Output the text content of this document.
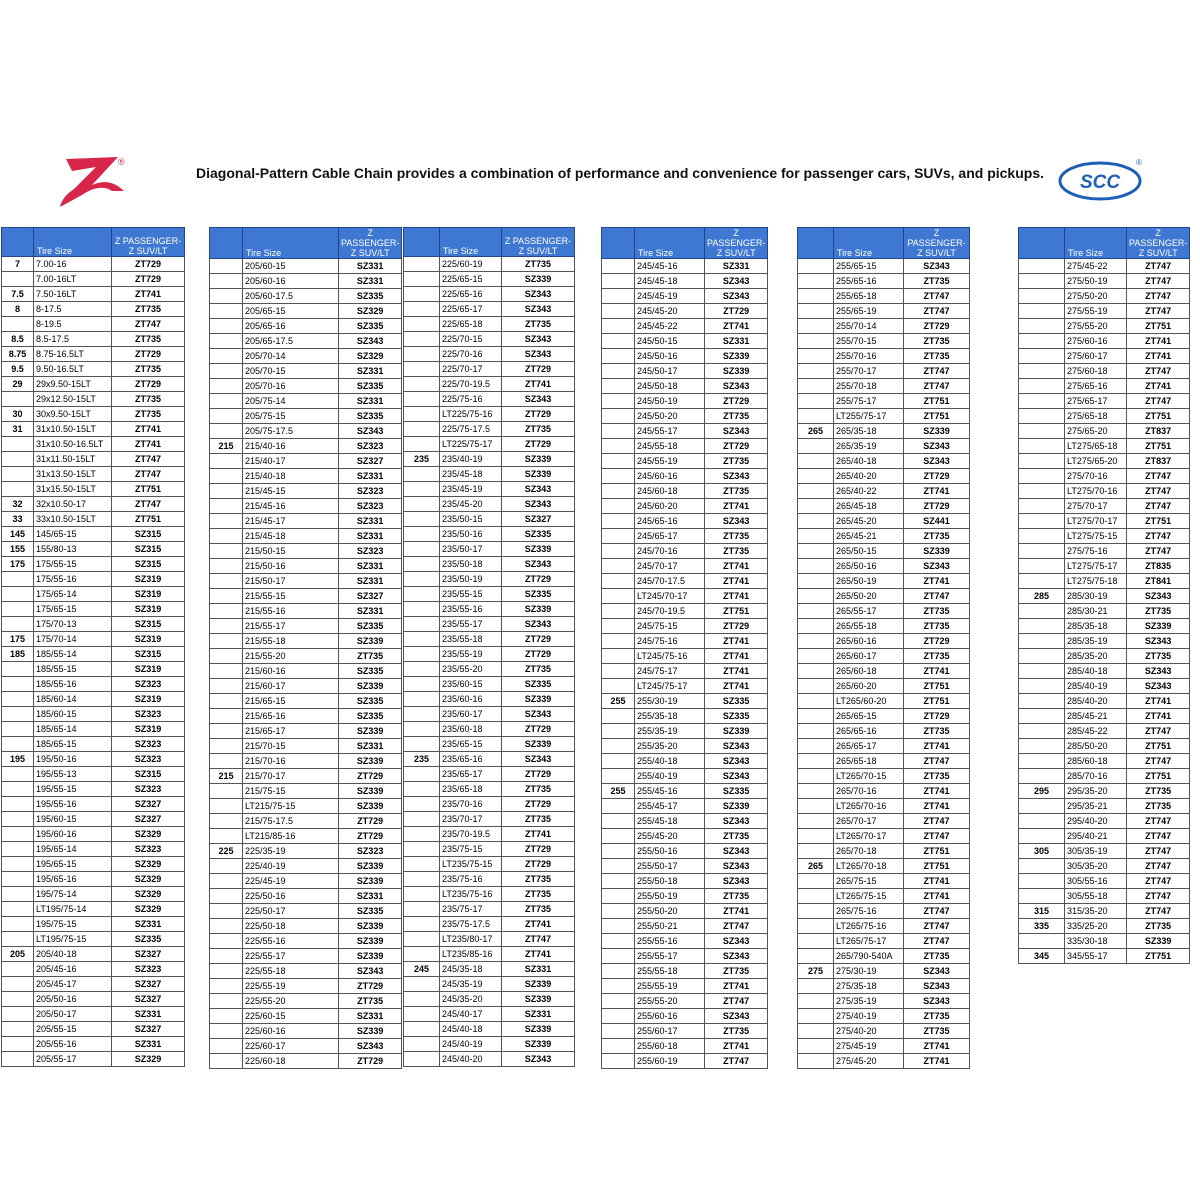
®
Diagonal-Pattern Cable Chain provides a combination of performance and convenience for passenger cars, SUVs, and pickups. SCC
®
	Tire Size	Z PASSENGER-
Z SUV/LT
7	7.00-16	ZT729
	7.00-16LT	ZT729
7.5	7.50-16LT	ZT741
8	8-17.5	ZT735
	8-19.5	ZT747
8.5	8.5-17.5	ZT735
8.75	8.75-16.5LT	ZT729
9.5	9.50-16.5LT	ZT735
29	29x9.50-15LT	ZT729
	29x12.50-15LT	ZT735
30	30x9.50-15LT	ZT735
31	31x10.50-15LT	ZT741
	31x10.50-16.5LT	ZT741
	31x11.50-15LT	ZT747
	31x13.50-15LT	ZT747
	31x15.50-15LT	ZT751
32	32x10.50-17	ZT747
33	33x10.50-15LT	ZT751
145	145/65-15	SZ315
155	155/80-13	SZ315
175	175/55-15	SZ315
	175/55-16	SZ319
	175/65-14	SZ319
	175/65-15	SZ319
	175/70-13	SZ315
175	175/70-14	SZ319
185	185/55-14	SZ315
	185/55-15	SZ319
	185/55-16	SZ323
	185/60-14	SZ319
	185/60-15	SZ323
	185/65-14	SZ319
	185/65-15	SZ323
195	195/50-16	SZ323
	195/55-13	SZ315
	195/55-15	SZ323
	195/55-16	SZ327
	195/60-15	SZ327
	195/60-16	SZ329
	195/65-14	SZ323
	195/65-15	SZ329
	195/65-16	SZ329
	195/75-14	SZ329
	LT195/75-14	SZ329
	195/75-15	SZ331
	LT195/75-15	SZ335
205	205/40-18	SZ327
	205/45-16	SZ323
	205/45-17	SZ327
	205/50-16	SZ327
	205/50-17	SZ331
	205/55-15	SZ327
	205/55-16	SZ331
	205/55-17	SZ329
	Tire Size	Z PASSENGER-
Z SUV/LT
	205/60-15	SZ331
	205/60-16	SZ331
	205/60-17.5	SZ335
	205/65-15	SZ329
	205/65-16	SZ335
	205/65-17.5	SZ343
	205/70-14	SZ329
	205/70-15	SZ331
	205/70-16	SZ335
	205/75-14	SZ331
	205/75-15	SZ335
	205/75-17.5	SZ343
215	215/40-16	SZ323
	215/40-17	SZ327
	215/40-18	SZ331
	215/45-15	SZ323
	215/45-16	SZ323
	215/45-17	SZ331
	215/45-18	SZ331
	215/50-15	SZ323
	215/50-16	SZ331
	215/50-17	SZ331
	215/55-15	SZ327
	215/55-16	SZ331
	215/55-17	SZ335
	215/55-18	SZ339
	215/55-20	ZT735
	215/60-16	SZ335
	215/60-17	SZ339
	215/65-15	SZ335
	215/65-16	SZ335
	215/65-17	SZ339
	215/70-15	SZ331
	215/70-16	SZ339
215	215/70-17	ZT729
	215/75-15	SZ339
	LT215/75-15	SZ339
	215/75-17.5	ZT729
	LT215/85-16	ZT729
225	225/35-19	SZ323
	225/40-19	SZ339
	225/45-19	SZ339
	225/50-16	SZ331
	225/50-17	SZ335
	225/50-18	SZ339
	225/55-16	SZ339
	225/55-17	SZ339
	225/55-18	SZ343
	225/55-19	ZT729
	225/55-20	ZT735
	225/60-15	SZ331
	225/60-16	SZ339
	225/60-17	SZ343
	225/60-18	ZT729
	Tire Size	Z PASSENGER-
Z SUV/LT
	225/60-19	ZT735
	225/65-15	SZ339
	225/65-16	SZ343
	225/65-17	SZ343
	225/65-18	ZT735
	225/70-15	SZ343
	225/70-16	SZ343
	225/70-17	ZT729
	225/70-19.5	ZT741
	225/75-16	SZ343
	LT225/75-16	ZT729
	225/75-17.5	ZT735
	LT225/75-17	ZT729
235	235/40-19	SZ339
	235/45-18	SZ339
	235/45-19	SZ343
	235/45-20	SZ343
	235/50-15	SZ327
	235/50-16	SZ335
	235/50-17	SZ339
	235/50-18	SZ343
	235/50-19	ZT729
	235/55-15	SZ335
	235/55-16	SZ339
	235/55-17	SZ343
	235/55-18	ZT729
	235/55-19	ZT729
	235/55-20	ZT735
	235/60-15	SZ335
	235/60-16	SZ339
	235/60-17	SZ343
	235/60-18	ZT729
	235/65-15	SZ339
235	235/65-16	SZ343
	235/65-17	ZT729
	235/65-18	ZT735
	235/70-16	ZT729
	235/70-17	ZT735
	235/70-19.5	ZT741
	235/75-15	ZT729
	LT235/75-15	ZT729
	235/75-16	ZT735
	LT235/75-16	ZT735
	235/75-17	ZT735
	235/75-17.5	ZT741
	LT235/80-17	ZT747
	LT235/85-16	ZT741
245	245/35-18	SZ331
	245/35-19	SZ339
	245/35-20	SZ339
	245/40-17	SZ331
	245/40-18	SZ339
	245/40-19	SZ339
	245/40-20	SZ343
	Tire Size	Z PASSENGER-
Z SUV/LT
	245/45-16	SZ331
	245/45-18	SZ343
	245/45-19	SZ343
	245/45-20	ZT729
	245/45-22	ZT741
	245/50-15	SZ331
	245/50-16	SZ339
	245/50-17	SZ339
	245/50-18	SZ343
	245/50-19	ZT729
	245/50-20	ZT735
	245/55-17	SZ343
	245/55-18	ZT729
	245/55-19	ZT735
	245/60-16	SZ343
	245/60-18	ZT735
	245/60-20	ZT741
	245/65-16	SZ343
	245/65-17	ZT735
	245/70-16	ZT735
	245/70-17	ZT741
	245/70-17.5	ZT741
	LT245/70-17	ZT741
	245/70-19.5	ZT751
	245/75-15	ZT729
	245/75-16	ZT741
	LT245/75-16	ZT741
	245/75-17	ZT741
	LT245/75-17	ZT741
255	255/30-19	SZ335
	255/35-18	SZ335
	255/35-19	SZ339
	255/35-20	SZ343
	255/40-18	SZ343
	255/40-19	SZ343
255	255/45-16	SZ335
	255/45-17	SZ339
	255/45-18	SZ343
	255/45-20	ZT735
	255/50-16	SZ343
	255/50-17	SZ343
	255/50-18	SZ343
	255/50-19	ZT735
	255/50-20	ZT741
	255/50-21	ZT747
	255/55-16	SZ343
	255/55-17	SZ343
	255/55-18	ZT735
	255/55-19	ZT741
	255/55-20	ZT747
	255/60-16	SZ343
	255/60-17	ZT735
	255/60-18	ZT741
	255/60-19	ZT747
	Tire Size	Z PASSENGER-
Z SUV/LT
	255/65-15	SZ343
	255/65-16	ZT735
	255/65-18	ZT747
	255/65-19	ZT747
	255/70-14	ZT729
	255/70-15	ZT735
	255/70-16	ZT735
	255/70-17	ZT747
	255/70-18	ZT747
	255/75-17	ZT751
	LT255/75-17	ZT751
265	265/35-18	SZ339
	265/35-19	SZ343
	265/40-18	SZ343
	265/40-20	ZT729
	265/40-22	ZT741
	265/45-18	ZT729
	265/45-20	SZ441
	265/45-21	ZT735
	265/50-15	SZ339
	265/50-16	SZ343
	265/50-19	ZT741
	265/50-20	ZT747
	265/55-17	ZT735
	265/55-18	ZT735
	265/60-16	ZT729
	265/60-17	ZT735
	265/60-18	ZT741
	265/60-20	ZT751
	LT265/60-20	ZT751
	265/65-15	ZT729
	265/65-16	ZT735
	265/65-17	ZT741
	265/65-18	ZT747
	LT265/70-15	ZT735
	265/70-16	ZT741
	LT265/70-16	ZT741
	265/70-17	ZT747
	LT265/70-17	ZT747
	265/70-18	ZT751
265	LT265/70-18	ZT751
	265/75-15	ZT741
	LT265/75-15	ZT741
	265/75-16	ZT747
	LT265/75-16	ZT747
	LT265/75-17	ZT747
	265/790-540A	ZT735
275	275/30-19	SZ343
	275/35-18	SZ343
	275/35-19	SZ343
	275/40-19	ZT735
	275/40-20	ZT735
	275/45-19	ZT741
	275/45-20	ZT741
	Tire Size	Z PASSENGER-
Z SUV/LT
	275/45-22	ZT747
	275/50-19	ZT747
	275/50-20	ZT747
	275/55-19	ZT747
	275/55-20	ZT751
	275/60-16	ZT741
	275/60-17	ZT741
	275/60-18	ZT747
	275/65-16	ZT741
	275/65-17	ZT747
	275/65-18	ZT751
	275/65-20	ZT837
	LT275/65-18	ZT751
	LT275/65-20	ZT837
	275/70-16	ZT747
	LT275/70-16	ZT747
	275/70-17	ZT747
	LT275/70-17	ZT751
	LT275/75-15	ZT747
	275/75-16	ZT747
	LT275/75-17	ZT835
	LT275/75-18	ZT841
285	285/30-19	SZ343
	285/30-21	ZT735
	285/35-18	SZ339
	285/35-19	SZ343
	285/35-20	ZT735
	285/40-18	SZ343
	285/40-19	SZ343
	285/40-20	ZT741
	285/45-21	ZT741
	285/45-22	ZT747
	285/50-20	ZT751
	285/60-18	ZT747
	285/70-16	ZT751
295	295/35-20	ZT735
	295/35-21	ZT735
	295/40-20	ZT747
	295/40-21	ZT747
305	305/35-19	ZT747
	305/35-20	ZT747
	305/55-16	ZT747
	305/55-18	ZT747
315	315/35-20	ZT747
335	335/25-20	ZT735
	335/30-18	SZ339
345	345/55-17	ZT751
